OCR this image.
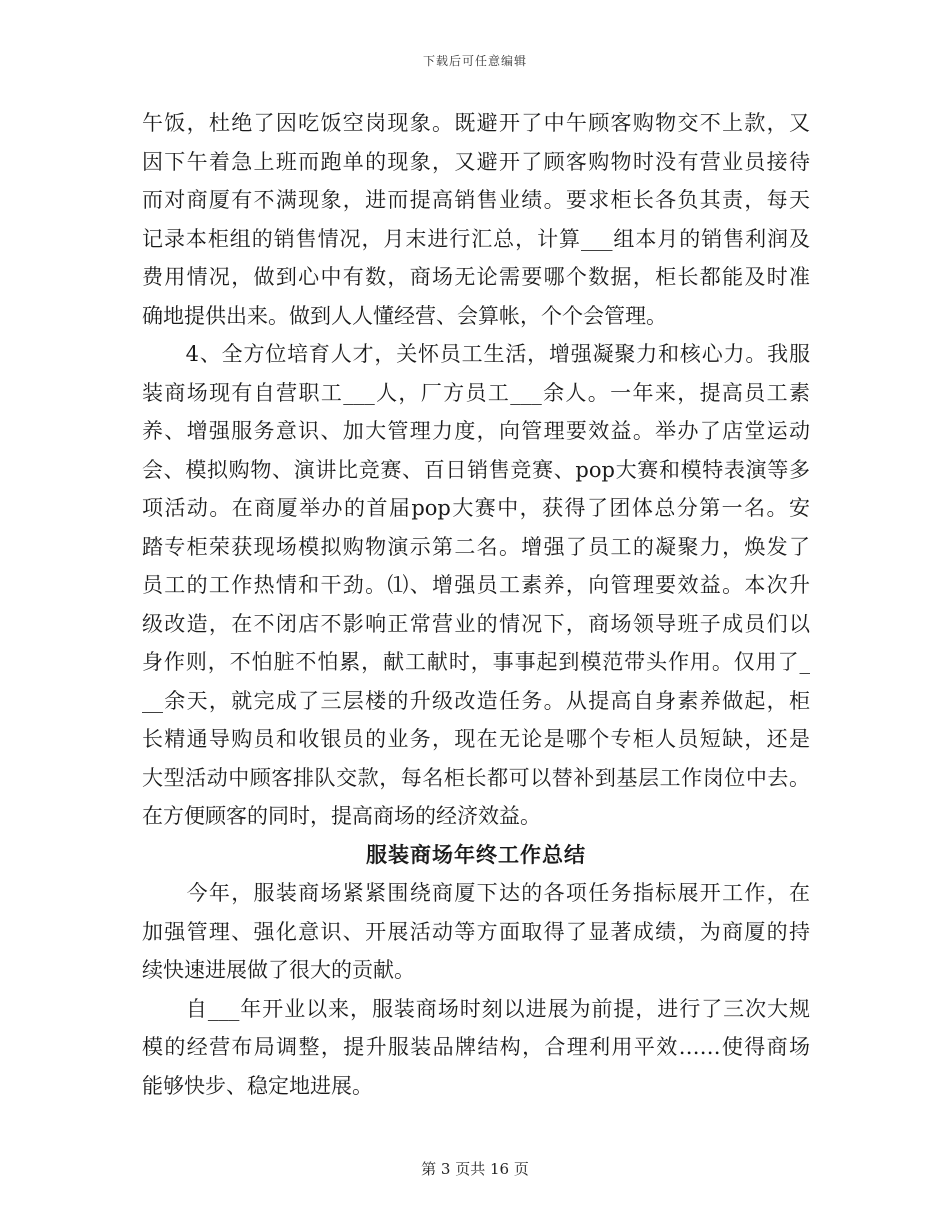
下载后可任意编辑
午饭，杜绝了因吃饭空岗现象。既避开了中午顾客购物交不上款，又
因下午着急上班而跑单的现象，又避开了顾客购物时没有营业员接待
而对商厦有不满现象，进而提高销售业绩。要求柜长各负其责，每天
记录本柜组的销售情况，月末进行汇总，计算___组本月的销售利润及
费用情况，做到心中有数，商场无论需要哪个数据，柜长都能及时准
确地提供出来。做到人人懂经营、会算帐，个个会管理。
　　4、全方位培育人才，关怀员工生活，增强凝聚力和核心力。我服
装商场现有自营职工___人，厂方员工___余人。一年来，提高员工素
养、增强服务意识、加大管理力度，向管理要效益。举办了店堂运动
会、模拟购物、演讲比竞赛、百日销售竞赛、pop大赛和模特表演等多
项活动。在商厦举办的首届pop大赛中，获得了团体总分第一名。安
踏专柜荣获现场模拟购物演示第二名。增强了员工的凝聚力，焕发了
员工的工作热情和干劲。⑴、增强员工素养，向管理要效益。本次升
级改造，在不闭店不影响正常营业的情况下，商场领导班子成员们以
身作则，不怕脏不怕累，献工献时，事事起到模范带头作用。仅用了_
__余天，就完成了三层楼的升级改造任务。从提高自身素养做起，柜
长精通导购员和收银员的业务，现在无论是哪个专柜人员短缺，还是
大型活动中顾客排队交款，每名柜长都可以替补到基层工作岗位中去。
在方便顾客的同时，提高商场的经济效益。
服装商场年终工作总结
　　今年，服装商场紧紧围绕商厦下达的各项任务指标展开工作，在
加强管理、强化意识、开展活动等方面取得了显著成绩，为商厦的持
续快速进展做了很大的贡献。
　　自___年开业以来，服装商场时刻以进展为前提，进行了三次大规
模的经营布局调整，提升服装品牌结构，合理利用平效……使得商场
能够快步、稳定地进展。
第 3 页共 16 页
